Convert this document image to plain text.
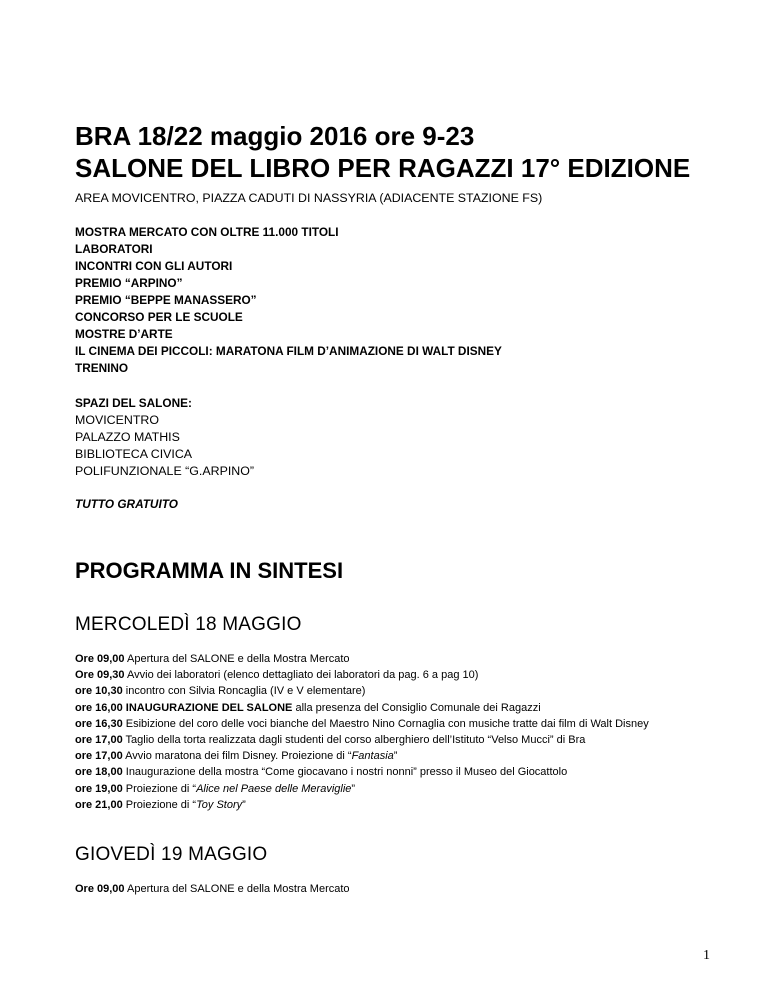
BRA 18/22 maggio 2016 ore 9-23
SALONE DEL LIBRO PER RAGAZZI 17° EDIZIONE

AREA MOVICENTRO, PIAZZA CADUTI DI NASSYRIA (ADIACENTE STAZIONE FS)

MOSTRA MERCATO CON OLTRE 11.000 TITOLI
LABORATORI
INCONTRI CON GLI AUTORI
PREMIO “ARPINO”
PREMIO “BEPPE MANASSERO”
CONCORSO PER LE SCUOLE
MOSTRE D’ARTE
IL CINEMA DEI PICCOLI: MARATONA FILM D’ANIMAZIONE DI WALT DISNEY
TRENINO
SPAZI DEL SALONE:
MOVICENTRO
PALAZZO MATHIS
BIBLIOTECA CIVICA
POLIFUNZIONALE “G.ARPINO”
TUTTO GRATUITO
PROGRAMMA IN SINTESI
MERCOLEDÌ 18 MAGGIO
Ore 09,00 Apertura del SALONE e della Mostra Mercato
Ore 09,30 Avvio dei laboratori (elenco dettagliato dei laboratori da pag. 6 a pag 10)
ore 10,30 incontro con Silvia Roncaglia (IV e V elementare)
ore 16,00 INAUGURAZIONE DEL SALONE alla presenza del Consiglio Comunale dei Ragazzi
ore 16,30 Esibizione del coro delle voci bianche del Maestro Nino Cornaglia con musiche tratte dai film di Walt Disney
ore 17,00 Taglio della torta realizzata dagli studenti del corso alberghiero dell’Istituto “Velso Mucci” di Bra
ore 17,00 Avvio maratona dei film Disney. Proiezione di “Fantasia”
ore 18,00 Inaugurazione della mostra “Come giocavano i nostri nonni” presso il Museo del Giocattolo
ore 19,00 Proiezione di “Alice nel Paese delle Meraviglie”
ore 21,00 Proiezione di “Toy Story”
GIOVEDÌ 19 MAGGIO
Ore 09,00 Apertura del SALONE e della Mostra Mercato
1
